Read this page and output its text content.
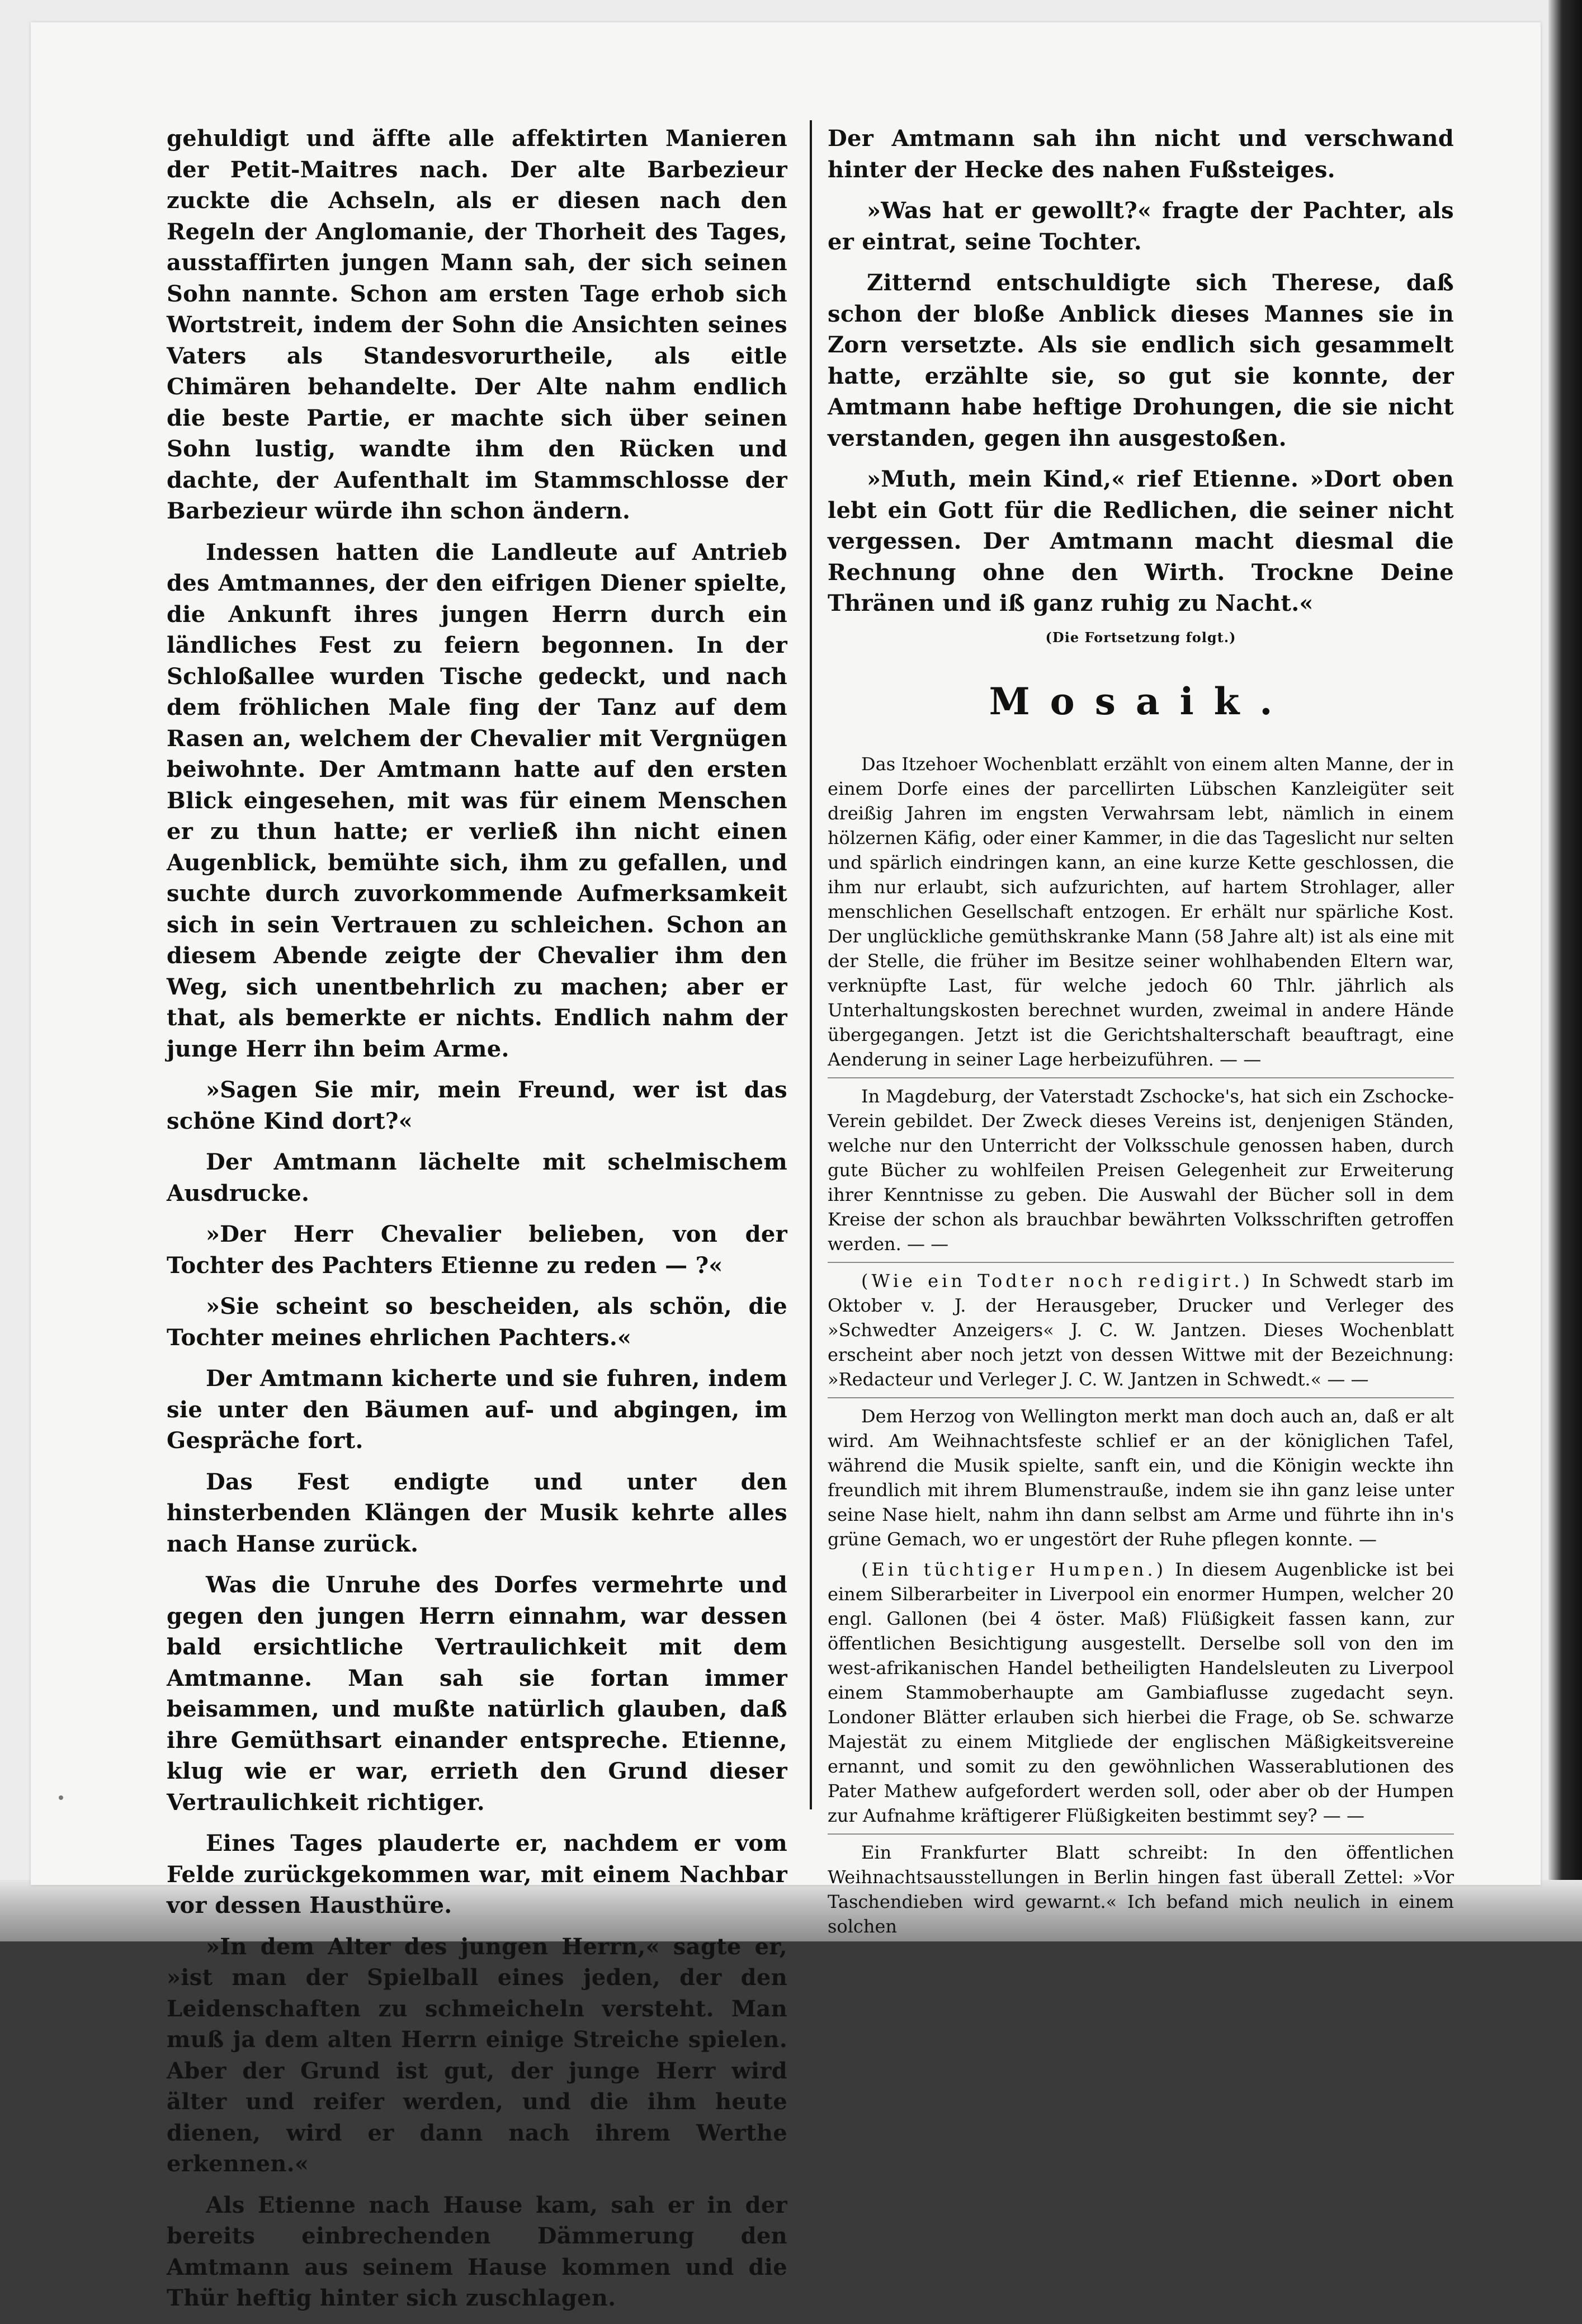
gehuldigt und äffte alle affektirten Manieren der Petit-Maitres nach. Der alte Barbezieur zuckte die Achseln, als er diesen nach den Regeln der Anglomanie, der Thorheit des Tages, ausstaffirten jungen Mann sah, der sich seinen Sohn nannte. Schon am ersten Tage erhob sich Wortstreit, indem der Sohn die Ansichten seines Vaters als Standesvorurtheile, als eitle Chimären behandelte. Der Alte nahm endlich die beste Partie, er machte sich über seinen Sohn lustig, wandte ihm den Rücken und dachte, der Aufenthalt im Stammschlosse der Barbezieur würde ihn schon ändern.

Indessen hatten die Landleute auf Antrieb des Amtmannes, der den eifrigen Diener spielte, die Ankunft ihres jungen Herrn durch ein ländliches Fest zu feiern begonnen. In der Schloßallee wurden Tische gedeckt, und nach dem fröhlichen Male fing der Tanz auf dem Rasen an, welchem der Chevalier mit Vergnügen beiwohnte. Der Amtmann hatte auf den ersten Blick eingesehen, mit was für einem Menschen er zu thun hatte; er verließ ihn nicht einen Augenblick, bemühte sich, ihm zu gefallen, und suchte durch zuvorkommende Aufmerksamkeit sich in sein Vertrauen zu schleichen. Schon an diesem Abende zeigte der Chevalier ihm den Weg, sich unentbehrlich zu machen; aber er that, als bemerkte er nichts. Endlich nahm der junge Herr ihn beim Arme.

»Sagen Sie mir, mein Freund, wer ist das schöne Kind dort?«

Der Amtmann lächelte mit schelmischem Ausdrucke.

»Der Herr Chevalier belieben, von der Tochter des Pachters Etienne zu reden — ?«

»Sie scheint so bescheiden, als schön, die Tochter meines ehrlichen Pachters.«

Der Amtmann kicherte und sie fuhren, indem sie unter den Bäumen auf- und abgingen, im Gespräche fort.

Das Fest endigte und unter den hinsterbenden Klängen der Musik kehrte alles nach Hanse zurück.

Was die Unruhe des Dorfes vermehrte und gegen den jungen Herrn einnahm, war dessen bald ersichtliche Vertraulichkeit mit dem Amtmanne. Man sah sie fortan immer beisammen, und mußte natürlich glauben, daß ihre Gemüthsart einander entspreche. Etienne, klug wie er war, errieth den Grund dieser Vertraulichkeit richtiger.

Eines Tages plauderte er, nachdem er vom Felde zurückgekommen war, mit einem Nachbar vor dessen Hausthüre.

»In dem Alter des jungen Herrn,« sagte er, »ist man der Spielball eines jeden, der den Leidenschaften zu schmeicheln versteht. Man muß ja dem alten Herrn einige Streiche spielen. Aber der Grund ist gut, der junge Herr wird älter und reifer werden, und die ihm heute dienen, wird er dann nach ihrem Werthe erkennen.«

Als Etienne nach Hause kam, sah er in der bereits einbrechenden Dämmerung den Amtmann aus seinem Hause kommen und die Thür heftig hinter sich zuschlagen.

Der Amtmann sah ihn nicht und verschwand hinter der Hecke des nahen Fußsteiges.

»Was hat er gewollt?« fragte der Pachter, als er eintrat, seine Tochter.

Zitternd entschuldigte sich Therese, daß schon der bloße Anblick dieses Mannes sie in Zorn versetzte. Als sie endlich sich gesammelt hatte, erzählte sie, so gut sie konnte, der Amtmann habe heftige Drohungen, die sie nicht verstanden, gegen ihn ausgestoßen.

»Muth, mein Kind,« rief Etienne. »Dort oben lebt ein Gott für die Redlichen, die seiner nicht vergessen. Der Amtmann macht diesmal die Rechnung ohne den Wirth. Trockne Deine Thränen und iß ganz ruhig zu Nacht.«

(Die Fortsetzung folgt.)
Mosaik.

Das Itzehoer Wochenblatt erzählt von einem alten Manne, der in einem Dorfe eines der parcellirten Lübschen Kanzleigüter seit dreißig Jahren im engsten Verwahrsam lebt, nämlich in einem hölzernen Käfig, oder einer Kammer, in die das Tageslicht nur selten und spärlich eindringen kann, an eine kurze Kette geschlossen, die ihm nur erlaubt, sich aufzurichten, auf hartem Strohlager, aller menschlichen Gesellschaft entzogen. Er erhält nur spärliche Kost. Der unglückliche gemüthskranke Mann (58 Jahre alt) ist als eine mit der Stelle, die früher im Besitze seiner wohlhabenden Eltern war, verknüpfte Last, für welche jedoch 60 Thlr. jährlich als Unterhaltungskosten berechnet wurden, zweimal in andere Hände übergegangen. Jetzt ist die Gerichtshalterschaft beauftragt, eine Aenderung in seiner Lage herbeizuführen. — —

In Magdeburg, der Vaterstadt Zschocke's, hat sich ein Zschocke-Verein gebildet. Der Zweck dieses Vereins ist, denjenigen Ständen, welche nur den Unterricht der Volksschule genossen haben, durch gute Bücher zu wohlfeilen Preisen Gelegenheit zur Erweiterung ihrer Kenntnisse zu geben. Die Auswahl der Bücher soll in dem Kreise der schon als brauchbar bewährten Volksschriften getroffen werden. — —

(Wie ein Todter noch redigirt.) In Schwedt starb im Oktober v. J. der Herausgeber, Drucker und Verleger des »Schwedter Anzeigers« J. C. W. Jantzen. Dieses Wochenblatt erscheint aber noch jetzt von dessen Wittwe mit der Bezeichnung: »Redacteur und Verleger J. C. W. Jantzen in Schwedt.« — —

Dem Herzog von Wellington merkt man doch auch an, daß er alt wird. Am Weihnachtsfeste schlief er an der königlichen Tafel, während die Musik spielte, sanft ein, und die Königin weckte ihn freundlich mit ihrem Blumenstrauße, indem sie ihn ganz leise unter seine Nase hielt, nahm ihn dann selbst am Arme und führte ihn in's grüne Gemach, wo er ungestört der Ruhe pflegen konnte. —

(Ein tüchtiger Humpen.) In diesem Augenblicke ist bei einem Silberarbeiter in Liverpool ein enormer Humpen, welcher 20 engl. Gallonen (bei 4 öster. Maß) Flüßigkeit fassen kann, zur öffentlichen Besichtigung ausgestellt. Derselbe soll von den im west-afrikanischen Handel betheiligten Handelsleuten zu Liverpool einem Stammoberhaupte am Gambiaflusse zugedacht seyn. Londoner Blätter erlauben sich hierbei die Frage, ob Se. schwarze Majestät zu einem Mitgliede der englischen Mäßigkeitsvereine ernannt, und somit zu den gewöhnlichen Wasserablutionen des Pater Mathew aufgefordert werden soll, oder aber ob der Humpen zur Aufnahme kräftigerer Flüßigkeiten bestimmt sey? — —

Ein Frankfurter Blatt schreibt: In den öffentlichen Weihnachtsausstellungen in Berlin hingen fast überall Zettel: »Vor Taschendieben wird gewarnt.« Ich befand mich neulich in einem solchen
